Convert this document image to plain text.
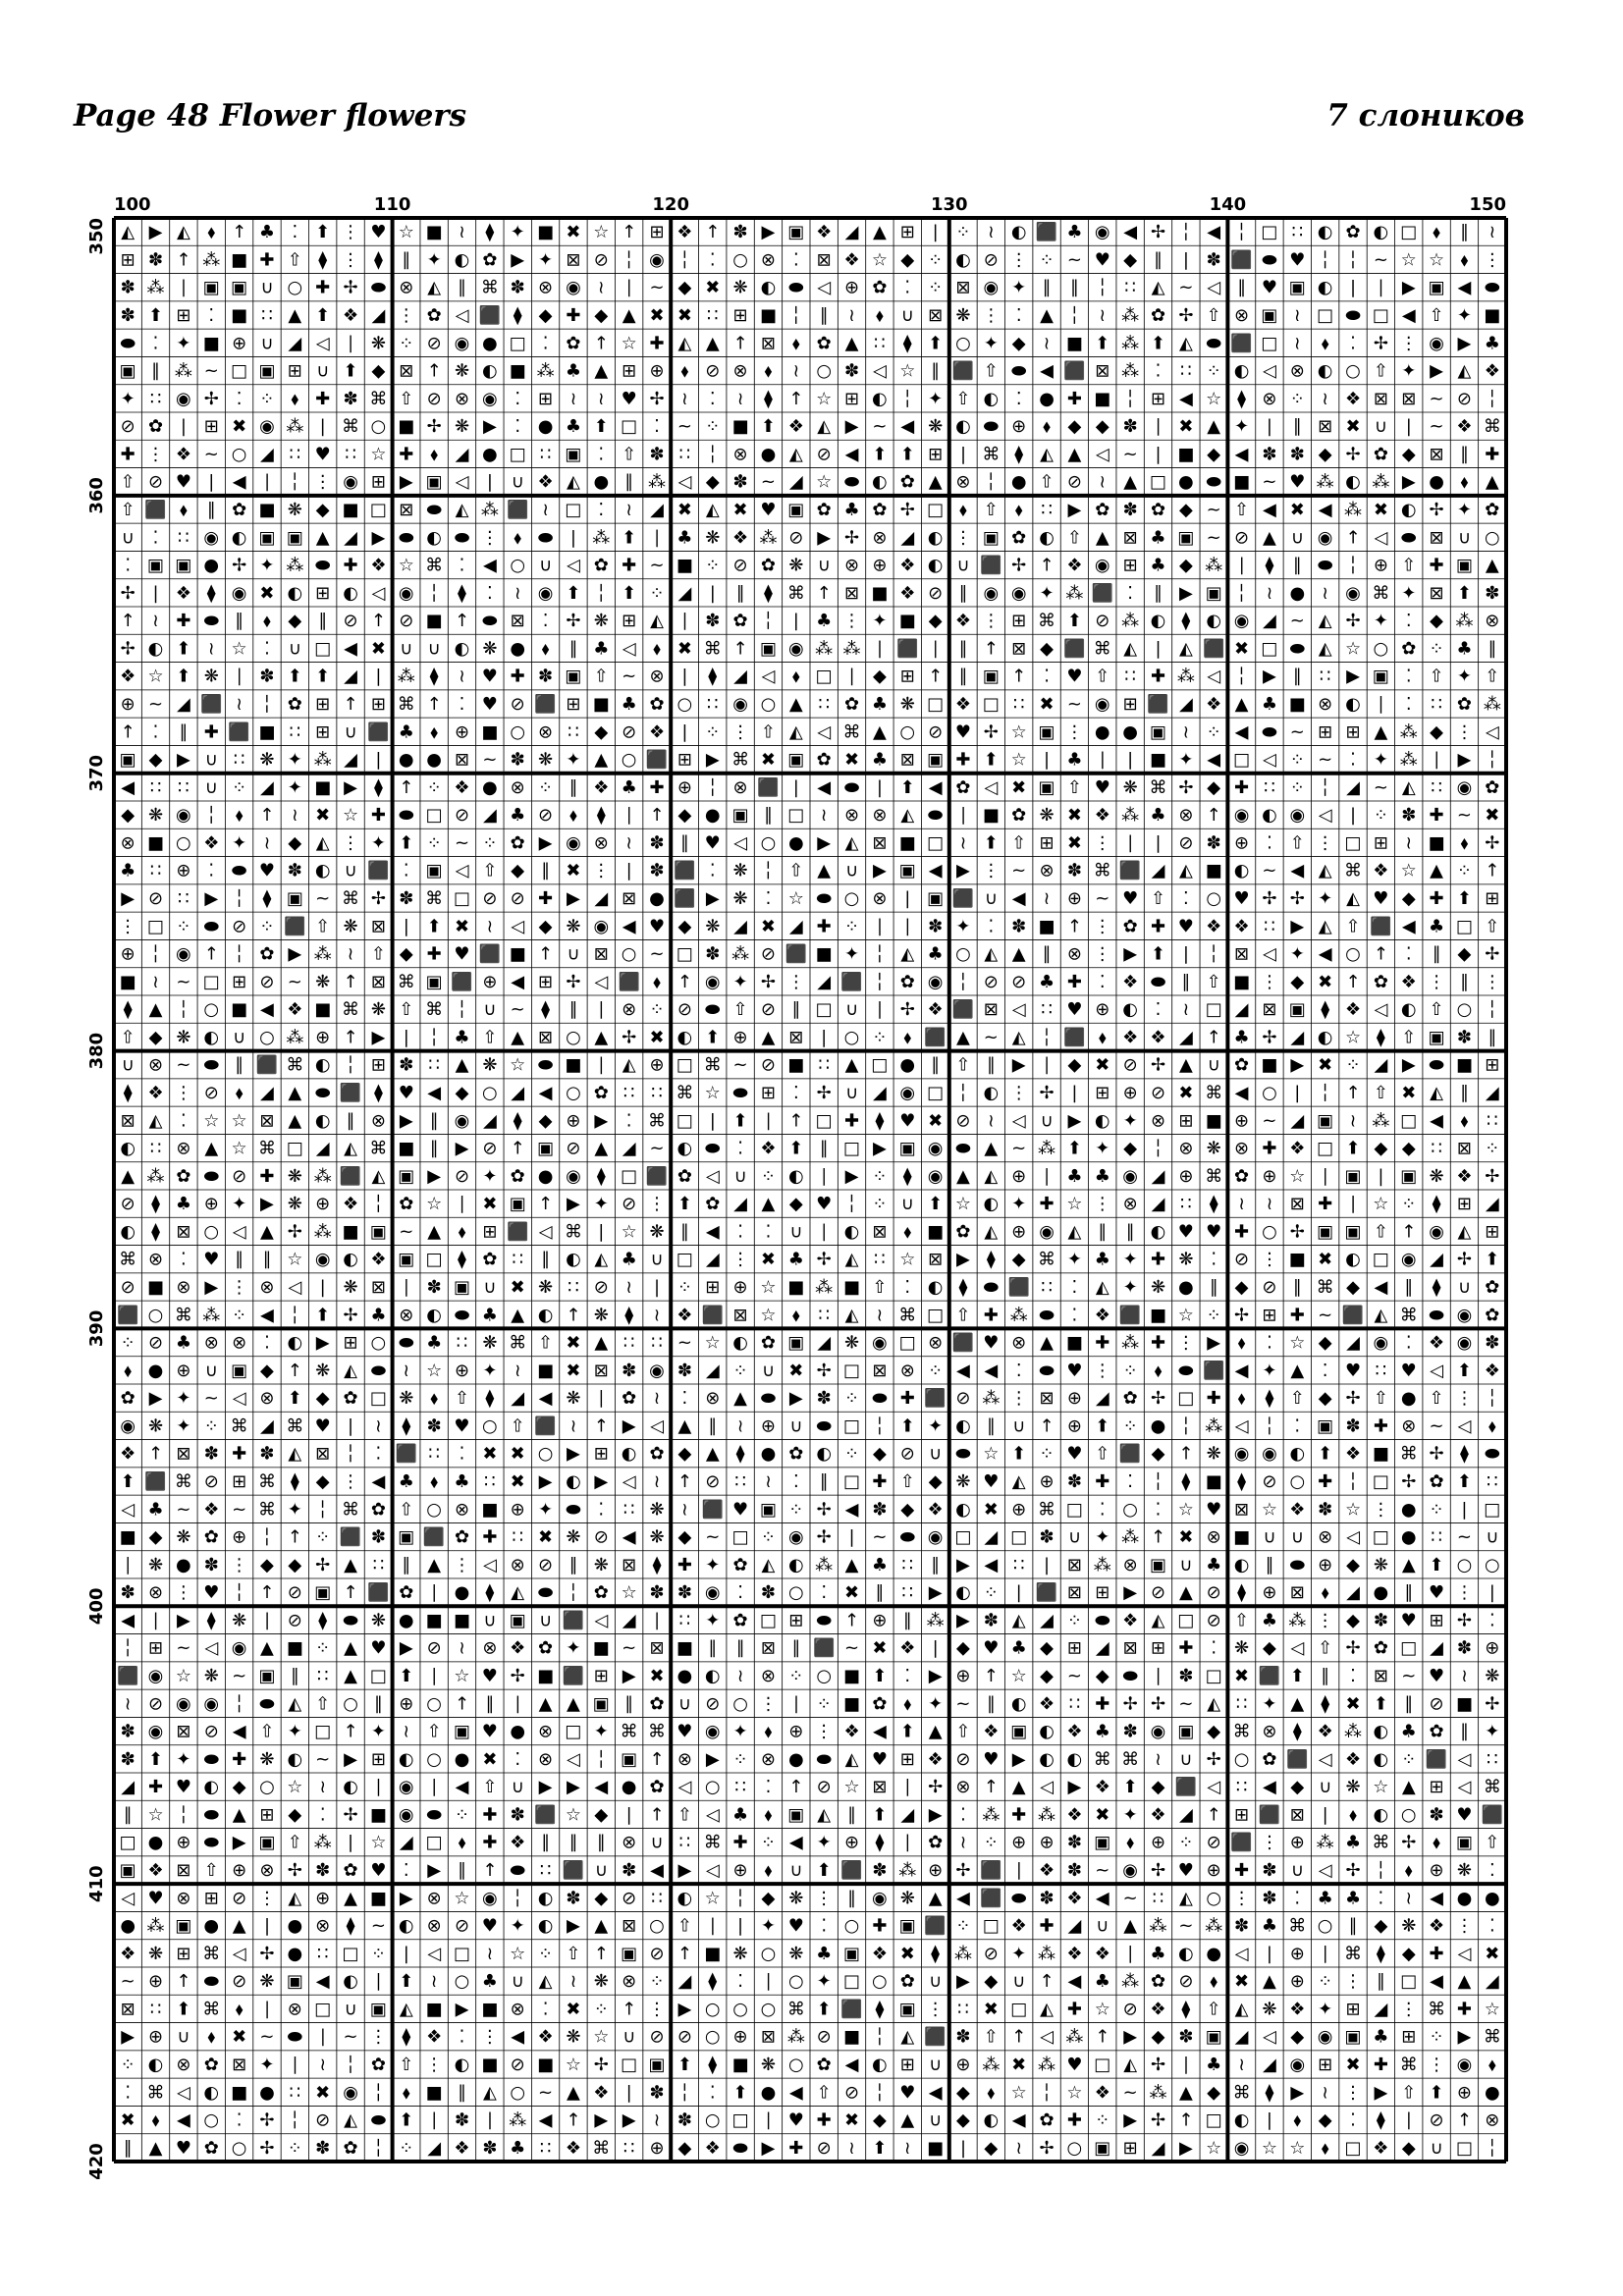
Page 48 Flower flowers	7 слоников
100	110	120	130	140	150
350
360
370
380
390
400
410
420
◭ ▶ ◭ ⬧ ↑ ♣ ⁚ ⬆ ⋮ ♥ ☆ ■ ≀ ⧫ ✦ ■ ✖ ☆ ↑ ⊞ ❖ ↑ ✽ ▶ ▣ ❖ ◢ ▲ ⊞ | ⁘ ≀ ◐ ⬛ ♣ ◉ ◀ ✢ ╎ ◀ ╎ □ ∷ ◐ ✿ ◐ □ ⬧ ∥ ≀
⊞ ✽ ↑ ⁂ ■ ✚ ⇧ ⧫ ⋮ ⧫ ∥ ✦ ◐ ✿ ▶ ✦ ⊠ ⊘ ╎ ◉ ╎ ⁚ ○ ⊗ ⁚ ⊠ ❖ ☆ ◆ ⁘ ◐ ⊘ ⋮ ⁘ ~ ♥ ◆ ∥ | ✽ ⬛ ⬬ ♥ ╎ ╎ ~ ☆ ☆ ⬧ ⋮
✽ ⁂ ∣ ▣ ▣ ∪ ○ ✚ ✢ ⬬ ⊗ ◭ ∥ ⌘ ✽ ⊗ ◉ ≀ ∣ ~ ◆ ✖ ❋ ◐ ⬬ ◁ ⊕ ✿ ⁚ ⁘ ⊠ ◉ ✦ ∥ ∥ ╎ ∷ ◭ ~ ◁ ∥ ♥ ▣ ◐ | ∣ ▶ ▣ ◀ ⬬
✽ ⬆ ⊞ ⁚ ■ ∷ ▲ ⬆ ❖ ◢ ⋮ ✿ ◁ ⬛ ⧫ ◆ ✚ ◆ ▲ ✖ ✖ ∷ ⊞ ■ ╎ ∥ ≀ ⬧ ∪ ⊠ ❋ ⋮ ⁚ ▲ ╎ ≀ ⁂ ✿ ✢ ⇧ ⊗ ▣ ≀ □ ⬬ □ ◀ ⇧ ✦ ■
⬬ ⁚ ✦ ■ ⊕ ∪ ◢ ◁ ∣ ❋ ⁘ ⊘ ◉ ● □ ⁚ ✿ ↑ ☆ ✚ ◭ ▲ ↑ ⊠ ⬧ ✿ ▲ ∷ ⧫ ⬆ ○ ✦ ◆ ≀ ■ ⬆ ⁂ ⬆ ◭ ⬬ ⬛ □ ≀ ⬧ ⁚ ✢ ⋮ ◉ ▶ ♣
▣ ∥ ⁂ ~ □ ▣ ⊞ ∪ ⬆ ◆ ⊠ ↑ ❋ ◐ ■ ⁂ ♣ ▲ ⊞ ⊕ ⬧ ⊘ ⊗ ⬧ ≀ ○ ✽ ◁ ☆ ∥ ⬛ ⇧ ⬬ ◀ ⬛ ⊠ ⁂ ⁚ ∷ ⁘ ◐ ◁ ⊗ ◐ ○ ⇧ ✦ ▶ ◭ ❖
✦ ∷ ◉ ✢ ⁚ ⁘ ⬧ ✚ ✽ ⌘ ⇧ ⊘ ⊗ ◉ ⁚ ⊞ ≀ ≀ ♥ ✢ ≀ ⁚ ≀ ⧫ ↑ ☆ ⊞ ◐ ╎ ✦ ⇧ ◐ ⁚ ● ✚ ■ ╎ ⊞ ◀ ☆ ⧫ ⊗ ⁘ ≀ ❖ ⊠ ⊠ ~ ⊘ ╎
⊘ ✿ | ⊞ ✖ ◉ ⁂ | ⌘ ○ ■ ✢ ❋ ▶ ⁚ ● ♣ ⬆ □ ⁚ ~ ⁘ ■ ⬆ ❖ ◭ ▶ ~ ◀ ❋ ◐ ⬬ ⊕ ⬧ ◆ ◆ ✽ ∣ ✖ ▲ ✦ | ∥ ⊠ ✖ ∪ | ~ ❖ ⌘
✚ ⋮ ❖ ~ ○ ◢ ∷ ♥ ∷ ☆ ✚ ⬧ ◢ ● □ ∷ ▣ ⁚ ⇧ ✽ ∷ ╎ ⊗ ● ◭ ⊘ ◀ ⬆ ⬆ ⊞ | ⌘ ⧫ ◭ ▲ ◁ ~ | ■ ◆ ◀ ✽ ✽ ◆ ✢ ✿ ◆ ⊠ ∥ ✚
⇧ ⊘ ♥ | ◀ ∣ ╎ ⋮ ◉ ⊞ ▶ ▣ ◁ | ∪ ❖ ◭ ● ∥ ⁂ ◁ ◆ ✽ ~ ◢ ☆ ⬬ ◐ ✿ ▲ ⊗ ╎ ● ⇧ ⊘ ≀ ▲ □ ● ⬬ ■ ~ ♥ ⁂ ◐ ⁂ ▶ ● ⬧ ▲
⇧ ⬛ ⬧ ∥ ✿ ■ ❋ ◆ ■ □ ⊠ ⬬ ◭ ⁂ ⬛ ≀ □ ⁚ ≀ ◢ ✖ ◭ ✖ ♥ ▣ ✿ ♣ ✿ ✢ □ ⬧ ⇧ ⬧ ∷ ▶ ✿ ✽ ✿ ◆ ~ ⇧ ◀ ✖ ◀ ⁂ ✖ ◐ ✢ ✦ ✿
∪ ⁚ ∷ ◉ ◐ ▣ ▣ ▲ ◢ ▶ ⬬ ◐ ⬬ ⋮ ⬧ ⬬ | ⁂ ⬆ ∣ ♣ ❋ ❖ ⁂ ⊘ ▶ ✢ ⊗ ◢ ◐ ⋮ ▣ ✿ ◐ ⇧ ▲ ⊠ ♣ ▣ ~ ⊘ ▲ ∪ ◉ ↑ ◁ ⬬ ⊠ ∪ ○
⁚ ▣ ▣ ● ✢ ✦ ⁂ ⬬ ✚ ❖ ☆ ⌘ ⁚ ◀ ○ ∪ ◁ ✿ ✚ ~ ■ ⁘ ⊘ ✿ ❋ ∪ ⊗ ⊕ ❖ ◐ ∪ ⬛ ✢ ↑ ❖ ◉ ⊞ ♣ ◆ ⁂ ∣ ⧫ ∥ ⬬ ╎ ⊕ ⇧ ✚ ▣ ▲
✢ | ❖ ⧫ ◉ ✖ ◐ ⊞ ◐ ◁ ◉ ╎ ⧫ ⁚ ≀ ◉ ⬆ ╎ ⬆ ⁘ ◢ | ∥ ⧫ ⌘ ↑ ⊠ ■ ❖ ⊘ ∥ ◉ ◉ ✦ ⁂ ⬛ ⁚ ∥ ▶ ▣ ╎ ≀ ● ≀ ◉ ⌘ ✦ ⊠ ⬆ ✽
↑ ≀ ✚ ⬬ ∥ ⬧ ◆ ∥ ⊘ ↑ ⊘ ■ ↑ ⬬ ⊠ ⁚ ✢ ❋ ⊞ ◭ ∣ ✽ ✿ ╎ | ♣ ⋮ ✦ ■ ◆ ❖ ⋮ ⊞ ⌘ ⬆ ⊘ ⁂ ◐ ⧫ ◐ ◉ ◢ ~ ◭ ✢ ✦ ⁚ ◆ ⁂ ⊗
✢ ◐ ⬆ ≀ ☆ ⁚ ∪ □ ◀ ✖ ∪ ∪ ◐ ❋ ● ⬧ ∥ ♣ ◁ ⬧ ✖ ⌘ ↑ ▣ ◉ ⁂ ⁂ ∣ ⬛ ∣ ∥ ↑ ⊠ ◆ ⬛ ⌘ ◭ | ◭ ⬛ ✖ □ ⬬ ◭ ☆ ○ ✿ ⁘ ♣ ∥
❖ ☆ ⬆ ❋ ∣ ✽ ⬆ ⬆ ◢ | ⁂ ⧫ ≀ ♥ ✚ ✽ ▣ ⇧ ~ ⊗ | ⧫ ◢ ◁ ⬧ □ ∣ ◆ ⊞ ↑ ∥ ▣ ↑ ⁚ ♥ ⇧ ∷ ✚ ⁂ ◁ ╎ ▶ ∥ ∷ ▶ ▣ ⁚ ⇧ ✦ ⇧
⊕ ~ ◢ ⬛ ≀ ╎ ✿ ⊞ ↑ ⊞ ⌘ ↑ ⁚ ♥ ⊘ ⬛ ⊞ ■ ♣ ✿ ○ ∷ ◉ ○ ▲ ∷ ✿ ♣ ❋ □ ❖ □ ∷ ✖ ~ ◉ ⊞ ⬛ ◢ ❖ ▲ ♣ ■ ⊗ ◐ ∣ ⁚ ∷ ✿ ⁂
↑ ⁚ ∥ ✚ ⬛ ■ ∷ ⊞ ∪ ⬛ ♣ ⬧ ⊕ ■ ○ ⊗ ∷ ◆ ⊘ ❖ | ⁘ ⋮ ⇧ ◭ ◁ ⌘ ▲ ○ ⊘ ♥ ✢ ☆ ▣ ⋮ ● ● ▣ ≀ ⁘ ◀ ⬬ ~ ⊞ ⊞ ▲ ⁂ ◆ ⋮ ◁
▣ ◆ ▶ ∪ ∷ ❋ ✦ ⁂ ◢ | ● ● ⊠ ~ ✽ ❋ ✦ ▲ ○ ⬛ ⊞ ▶ ⌘ ✖ ▣ ✿ ✖ ♣ ⊠ ▣ ✚ ⬆ ☆ | ♣ ∣ | ■ ✦ ◀ □ ◁ ⁘ ~ ⁚ ✦ ⁂ ∣ ▶ ╎
◀ ∷ ∷ ∪ ⁘ ◢ ✦ ■ ▶ ⧫ ↑ ⁘ ❖ ● ⊗ ⁘ ∥ ❖ ♣ ✚ ⊕ ╎ ⊗ ⬛ | ◀ ⬬ | ⬆ ◀ ✿ ◁ ✖ ▣ ⇧ ♥ ❋ ⌘ ✢ ◆ ✚ ∷ ⁘ ╎ ◢ ~ ◭ ∷ ◉ ✿
◆ ❋ ◉ ╎ ⬧ ↑ ≀ ✖ ☆ ✚ ⬬ □ ⊘ ◢ ♣ ⊘ ⬧ ⧫ ∣ ↑ ◆ ● ▣ ∥ □ ≀ ⊗ ⊗ ◭ ⬬ ∣ ■ ✿ ❋ ✖ ❖ ⁂ ♣ ⊗ ↑ ◉ ◐ ◉ ◁ | ⁘ ✽ ✚ ~ ✖
⊗ ■ ○ ❖ ✦ ≀ ◆ ◭ ⋮ ✦ ⬆ ⁘ ~ ⁘ ✿ ▶ ◉ ⊗ ≀ ✽ ∥ ♥ ◁ ○ ● ▶ ◭ ⊠ ■ □ ≀ ⬆ ⇧ ⊞ ✖ ⋮ ∣ | ⊘ ✽ ⊕ ⁚ ⇧ ⋮ □ ⊞ ≀ ■ ⬧ ✢
♣ ∷ ⊕ ⁚ ⬬ ♥ ✽ ◐ ∪ ⬛ ⁚ ▣ ◁ ⇧ ◆ ∥ ✖ ⋮ | ✽ ⬛ ⁚ ❋ ╎ ⇧ ▲ ∪ ▶ ▣ ◀ ▶ ⋮ ~ ⊗ ✽ ⌘ ⬛ ◢ ◭ ■ ◐ ~ ◀ ◭ ⌘ ❖ ☆ ▲ ⁘ ↑
▶ ⊘ ∷ ▶ ╎ ⧫ ▣ ~ ⌘ ✢ ✽ ⌘ □ ⊘ ⊘ ✚ ▶ ◢ ⊠ ● ⬛ ▶ ❋ ⁚ ☆ ⬬ ○ ⊗ | ▣ ⬛ ∪ ◀ ≀ ⊕ ~ ♥ ⇧ ⁚ ○ ♥ ✢ ✢ ✦ ◭ ♥ ◆ ✚ ⬆ ⊞
⋮ □ ⁘ ⬬ ⊘ ⁘ ⬛ ⇧ ❋ ⊠ | ⬆ ✖ ≀ ◁ ◆ ❋ ◉ ◀ ♥ ◆ ❋ ◢ ✖ ◢ ✚ ⁘ ∣ ∣ ✽ ✦ ⁚ ✽ ■ ↑ ⋮ ✿ ✚ ♥ ❖ ❖ ∷ ▶ ◭ ⇧ ⬛ ◀ ♣ □ ⇧
⊕ ╎ ◉ ↑ ╎ ✿ ▶ ⁂ ≀ ⇧ ◆ ✚ ♥ ⬛ ■ ↑ ∪ ⊠ ○ ~ □ ✽ ⁂ ⊘ ⬛ ■ ✦ ╎ ◭ ♣ ○ ◭ ▲ ∥ ⊗ ⋮ ▶ ⬆ | ╎ ⊠ ◁ ✦ ◀ ○ ↑ ⁚ ∥ ◆ ✢
■ ≀ ~ □ ⊞ ⊘ ~ ❋ ↑ ⊠ ⌘ ▣ ⬛ ⊕ ◀ ⊞ ✢ ◁ ⬛ ⬧ ↑ ◉ ✦ ✢ ⋮ ◢ ⬛ ╎ ✿ ◉ ╎ ⊘ ⊘ ♣ ✚ ⁚ ❖ ⬬ ∥ ⇧ ■ ⋮ ◆ ✖ ↑ ✿ ❖ ⋮ ∥ ⋮
⧫ ▲ ╎ ○ ■ ◀ ❖ ■ ⌘ ❋ ⇧ ⌘ ╎ ∪ ~ ⧫ ∥ ∣ ⊗ ⁘ ⊘ ⬬ ⇧ ⊘ ∥ □ ∪ ∣ ✢ ❖ ⬛ ⊠ ◁ ∷ ♥ ⊕ ◐ ⁚ ≀ □ ◢ ⊠ ▣ ⧫ ❖ ◁ ◐ ⇧ ○ ╎
⇧ ◆ ❋ ◐ ∪ ○ ⁂ ⊕ ↑ ▶ | ╎ ♣ ⇧ ▲ ⊠ ○ ▲ ✢ ✖ ◐ ⬆ ⊕ ▲ ⊠ | ○ ⁘ ⬧ ⬛ ▲ ~ ◭ ╎ ⬛ ⬧ ❖ ❖ ◢ ↑ ♣ ✢ ◢ ◐ ☆ ⧫ ⇧ ▣ ✽ ∥
∪ ⊗ ~ ⬬ ∥ ⬛ ⌘ ◐ ╎ ⊞ ✽ ∷ ▲ ❋ ☆ ⬬ ■ ∣ ◭ ⊕ □ ⌘ ~ ⊘ ■ ∷ ▲ □ ● ∥ ⇧ ∥ ▶ ∣ ◆ ✖ ⊘ ✢ ▲ ∪ ✿ ■ ▶ ✖ ⁘ ◢ ▶ ⬬ ■ ⊞
⧫ ❖ ⋮ ⊘ ⬧ ◢ ▲ ⬬ ⬛ ⧫ ♥ ◀ ◆ ○ ◢ ◀ ○ ✿ ∷ ∷ ⌘ ☆ ⬬ ⊞ ⁚ ✢ ∪ ◢ ◉ □ ╎ ◐ ⋮ ✢ | ⊞ ⊕ ⊘ ✖ ⌘ ◀ ○ | ╎ ↑ ⇧ ✖ ◭ ∥ ◢
⊠ ◭ ⁚ ☆ ☆ ⊠ ▲ ◐ ∥ ⊗ ▶ ∥ ◉ ◢ ⧫ ◆ ⊕ ▶ ⁚ ⌘ □ | ⬆ ∣ ↑ □ ✚ ⧫ ♥ ✖ ⊘ ≀ ◁ ∪ ▶ ◐ ✦ ⊗ ⊞ ■ ⊕ ~ ◢ ▣ ≀ ⁂ □ ◀ ⬧ ∷
◐ ∷ ⊗ ▲ ☆ ⌘ □ ◢ ◭ ⌘ ■ ∥ ▶ ⊘ ↑ ▣ ⊘ ▲ ◢ ~ ◐ ⬬ ⁚ ❖ ⬆ ∥ □ ▶ ▣ ◉ ⬬ ▲ ~ ⁂ ⬆ ✦ ◆ ╎ ⊗ ❋ ⊗ ✚ ❖ □ ⬆ ◆ ◆ ∷ ⊠ ⁘
▲ ⁂ ✿ ⬬ ⊘ ✚ ❋ ⁂ ⬛ ◭ ▣ ▶ ⊘ ✦ ✿ ● ◉ ⧫ □ ⬛ ✿ ◁ ∪ ⁘ ◐ ∣ ▶ ⁘ ⧫ ◉ ▲ ◭ ⊕ ∣ ♣ ♣ ◉ ◢ ⊕ ⌘ ✿ ⊕ ☆ ∣ ▣ | ▣ ❋ ❖ ✢
⊘ ⧫ ♣ ⊕ ✦ ▶ ❋ ⊕ ❖ ╎ ✿ ☆ ∣ ✖ ▣ ↑ ▶ ✦ ⊘ ⋮ ⬆ ✿ ◢ ▲ ◆ ♥ ╎ ⁘ ∪ ⬆ ☆ ◐ ✦ ✚ ☆ ⋮ ⊗ ◢ ∷ ⧫ ≀ ≀ ⊠ ✚ ∣ ☆ ⁘ ⧫ ⊞ ◢
◐ ⧫ ⊠ ○ ◁ ▲ ✢ ⁂ ■ ▣ ~ ▲ ⬧ ⊞ ⬛ ◁ ⌘ | ☆ ❋ ∥ ◀ ⁚ ⁚ ∪ ∣ ◐ ⊠ ⬧ ■ ✿ ◭ ⊕ ◉ ◭ ∥ ∥ ◐ ♥ ♥ ✚ ○ ✢ ▣ ▣ ⇧ ↑ ◉ ◭ ⊞
⌘ ⊗ ⁚ ♥ ∥ ∥ ☆ ◉ ◐ ❖ ▣ □ ⧫ ✿ ∷ ∥ ◐ ◭ ♣ ∪ □ ◢ ⋮ ✖ ♣ ✢ ◭ ∷ ☆ ⊠ ▶ ⧫ ◆ ⌘ ✦ ♣ ✦ ✚ ❋ ⁚ ⊘ ⋮ ■ ✖ ◐ □ ◉ ◢ ✢ ⬆
⊘ ■ ⊗ ▶ ⋮ ⊗ ◁ | ❋ ⊠ ∣ ✽ ▣ ∪ ✖ ❋ ∷ ⊘ ≀ | ⁘ ⊞ ⊕ ☆ ■ ⁂ ■ ⇧ ⁚ ◐ ⧫ ⬬ ⬛ ∷ ⁚ ◭ ✦ ❋ ● ∥ ◆ ⊘ ∥ ⌘ ◆ ◀ ∥ ⧫ ∪ ✿
⬛ ○ ⌘ ⁂ ⁘ ◀ ╎ ⬆ ✢ ♣ ⊗ ◐ ⬬ ♣ ▲ ◐ ↑ ❋ ⧫ ≀ ❖ ⬛ ⊠ ☆ ⬧ ∷ ◭ ≀ ⌘ □ ⇧ ✚ ⁂ ⬬ ⁚ ❖ ⬛ ■ ☆ ⁘ ✢ ⊞ ✚ ~ ⬛ ◭ ⌘ ⬬ ◉ ✿
⁘ ⊘ ♣ ⊗ ⊗ ⁚ ◐ ▶ ⊞ ○ ⬬ ♣ ∷ ❋ ⌘ ⇧ ✖ ▲ ∷ ∷ ~ ☆ ◐ ✿ ▣ ◢ ❋ ◉ □ ⊗ ⬛ ♥ ⊗ ▲ ■ ✚ ⁂ ✚ ⋮ ▶ ⬧ ⁚ ☆ ◆ ◢ ◉ ⁚ ❖ ◉ ✽
⬧ ● ⊕ ∪ ▣ ◆ ↑ ❋ ◭ ⬬ ≀ ☆ ⊕ ✦ ≀ ■ ✖ ⊠ ✽ ◉ ✽ ◢ ⁘ ∪ ✖ ✢ □ ⊠ ⊗ ⁘ ◀ ◀ ⁚ ⬬ ♥ ⋮ ⁘ ⬧ ⬬ ⬛ ◀ ✦ ▲ ⁚ ♥ ∷ ♥ ◁ ⬆ ❖
✿ ▶ ✦ ~ ◁ ⊗ ⬆ ◆ ✿ □ ❋ ⬧ ⇧ ⧫ ◢ ◀ ❋ ∣ ✿ ≀ ⁚ ⊗ ▲ ⬬ ▶ ✽ ⁘ ⬬ ✚ ⬛ ⊘ ⁂ ⋮ ⊠ ⊕ ◢ ✿ ✢ □ ✚ ⬧ ⧫ ⇧ ◆ ✢ ⇧ ● ⇧ ⋮ ╎
◉ ❋ ✦ ⁘ ⌘ ◢ ⌘ ♥ | ≀ ⧫ ✽ ♥ ○ ⇧ ⬛ ≀ ↑ ▶ ◁ ▲ ∥ ≀ ⊕ ∪ ⬬ □ ╎ ⬆ ✦ ◐ ∥ ∪ ↑ ⊕ ⬆ ⁘ ● ╎ ⁂ ◁ ╎ ⁚ ▣ ✽ ✚ ⊗ ~ ◁ ⬧
❖ ↑ ⊠ ✽ ✚ ✽ ◭ ⊠ ╎ ⁚ ⬛ ∷ ⁚ ✖ ✖ ○ ▶ ⊞ ◐ ✿ ◆ ▲ ⧫ ● ✿ ◐ ⁘ ◆ ⊘ ∪ ⬬ ☆ ⬆ ⁘ ♥ ⇧ ⬛ ◆ ↑ ❋ ◉ ◉ ◐ ⬆ ❖ ■ ⌘ ✢ ⧫ ⬬
⬆ ⬛ ⌘ ⊘ ⊞ ⌘ ⧫ ◆ ⋮ ◀ ♣ ⬧ ♣ ∷ ✖ ▶ ◐ ▶ ◁ ≀ ↑ ⊘ ∷ ≀ ⁚ ∥ □ ✚ ⇧ ◆ ❋ ♥ ◭ ⊕ ✽ ✚ ⁚ ╎ ⧫ ■ ⧫ ⊘ ○ ✚ ╎ □ ✢ ✿ ⬆ ∷
◁ ♣ ~ ❖ ~ ⌘ ✦ ╎ ⌘ ✿ ⇧ ○ ⊗ ■ ⊕ ✦ ⬬ ⁚ ∷ ❋ ≀ ⬛ ♥ ▣ ⁘ ✢ ◀ ✽ ◆ ❖ ◐ ✖ ⊕ ⌘ □ ⁚ ○ ⁚ ☆ ♥ ⊠ ☆ ❖ ✽ ☆ ⋮ ● ⁘ | □
■ ◆ ❋ ✿ ⊕ ╎ ↑ ⁘ ⬛ ✽ ▣ ⬛ ✿ ✚ ∷ ✖ ❋ ⊘ ◀ ❋ ◆ ~ □ ⁘ ◉ ✢ | ~ ⬬ ◉ □ ◢ □ ✽ ∪ ✦ ⁂ ↑ ✖ ⊗ ■ ∪ ∪ ⊗ ◁ □ ● ∷ ~ ∪
∣ ❋ ● ✽ ⋮ ◆ ◆ ✢ ▲ ∷ ∥ ▲ ⋮ ◁ ⊗ ⊘ ∥ ❋ ⊠ ⧫ ✚ ✦ ✿ ◭ ◐ ⁂ ▲ ♣ ∷ ∥ ▶ ◀ ∷ | ⊠ ⁂ ⊗ ▣ ∪ ♣ ◐ ∥ ⬬ ⊕ ◆ ❋ ▲ ⬆ ○ ○
✽ ⊗ ⋮ ♥ ╎ ↑ ⊘ ▣ ↑ ⬛ ✿ ∣ ● ⧫ ◭ ⬬ ╎ ✿ ☆ ✽ ✽ ◉ ⁚ ✽ ○ ⁚ ✖ ∥ ∷ ▶ ◐ ⁘ | ⬛ ⊠ ⊞ ▶ ⊘ ▲ ⊘ ⧫ ⊕ ⊠ ⬧ ◢ ● ∥ ♥ ⋮ |
◀ ∣ ▶ ⧫ ❋ ∣ ⊘ ⧫ ⬬ ❋ ● ■ ■ ∪ ▣ ∪ ⬛ ◁ ◢ ∣ ∷ ✦ ✿ □ ⊞ ⬬ ↑ ⊕ ∥ ⁂ ▶ ✽ ◭ ◢ ⁘ ⬬ ❖ ◭ □ ⊘ ⇧ ♣ ⁂ ⋮ ◆ ✽ ♥ ⊞ ✢ ⁚
╎ ⊞ ~ ◁ ◉ ▲ ■ ⁘ ▲ ♥ ▶ ⊘ ≀ ⊗ ❖ ✿ ✦ ■ ~ ⊠ ■ ∥ ∥ ⊠ ∥ ⬛ ~ ✖ ❖ | ◆ ♥ ♣ ◆ ⊞ ◢ ⊠ ⊞ ✚ ⁚ ❋ ◆ ◁ ⇧ ✢ ✿ □ ◢ ✽ ⊕
⬛ ◉ ☆ ❋ ~ ▣ ∥ ∷ ▲ □ ⬆ ∣ ☆ ♥ ✢ ■ ⬛ ⊞ ▶ ✖ ● ◐ ≀ ⊗ ⁘ ○ ■ ⬆ ⁚ ▶ ⊕ ↑ ☆ ◆ ~ ◆ ⬬ ∣ ✽ □ ✖ ⬛ ⬆ ∥ ⁚ ⊠ ~ ♥ ≀ ❋
≀ ⊘ ◉ ◉ ╎ ⬬ ◭ ⇧ ○ ∥ ⊕ ○ ↑ ∥ ∣ ▲ ▲ ▣ ∥ ✿ ∪ ⊘ ○ ⋮ ∣ ⁘ ■ ✿ ⬧ ✦ ~ ∥ ◐ ❖ ∷ ✚ ✢ ✢ ~ ◭ ∷ ✦ ▲ ⧫ ✖ ⬆ ∥ ⊘ ■ ✢
✽ ◉ ⊠ ⊘ ◀ ⇧ ✦ □ ↑ ✦ ≀ ⇧ ▣ ♥ ● ⊗ □ ✦ ⌘ ⌘ ♥ ◉ ✦ ⬧ ⊕ ⋮ ❖ ◀ ⬆ ▲ ⇧ ❖ ▣ ◐ ❖ ♣ ✽ ◉ ▣ ◆ ⌘ ⊗ ⧫ ❖ ⁂ ◐ ♣ ✿ ∥ ✦
✽ ⬆ ✦ ⬬ ✚ ❋ ◐ ~ ▶ ⊞ ◐ ○ ● ✖ ⁚ ⊗ ◁ ╎ ▣ ↑ ⊗ ▶ ⁘ ⊗ ● ⬬ ◭ ♥ ⊞ ❖ ⊘ ♥ ▶ ◐ ◐ ⌘ ⌘ ≀ ∪ ✢ ○ ✿ ⬛ ◁ ❖ ◐ ⁘ ⬛ ◁ ∷
◢ ✚ ♥ ◐ ◆ ○ ☆ ≀ ◐ ∣ ◉ ∣ ◀ ⇧ ∪ ▶ ▶ ◀ ● ✿ ◁ ○ ∷ ⁚ ↑ ⊘ ☆ ⊠ ∣ ✢ ⊗ ↑ ▲ ◁ ▶ ❖ ⬆ ◆ ⬛ ◁ ∷ ◀ ◆ ∪ ❋ ☆ ▲ ⊞ ◁ ⌘
∥ ☆ ╎ ⬬ ▲ ⊞ ◆ ⁚ ✢ ■ ◉ ⬬ ⁘ ✚ ✽ ⬛ ☆ ◆ | ↑ ⇧ ◁ ♣ ⬧ ▣ ◭ ∥ ⬆ ◢ ▶ ⁚ ⁂ ✚ ⁂ ❖ ✖ ✦ ❖ ◢ ↑ ⊞ ⬛ ⊠ | ⬧ ◐ ○ ✽ ♥ ⬛
□ ● ⊕ ⬬ ▶ ▣ ⇧ ⁂ | ☆ ◢ □ ⬧ ✚ ❖ ∥ ∥ ∥ ⊗ ∪ ∷ ⌘ ✚ ⁘ ◀ ✦ ⊕ ⧫ ∣ ✿ ≀ ⁘ ⊕ ⊕ ✽ ▣ ⬧ ⊕ ⁘ ⊘ ⬛ ⋮ ⊕ ⁂ ♣ ⌘ ✢ ⬧ ▣ ⇧
▣ ❖ ⊠ ⇧ ⊕ ⊗ ✢ ✽ ✿ ♥ ⁚ ▶ ∥ ↑ ⬬ ∷ ⬛ ∪ ✽ ◀ ▶ ◁ ⊕ ⬧ ∪ ⬆ ⬛ ✽ ⁂ ⊕ ✢ ⬛ ∣ ❖ ✽ ~ ◉ ✢ ♥ ⊕ ✚ ✽ ∪ ◁ ✢ ╎ ⬧ ⊕ ❋ ⁚
◁ ♥ ⊗ ⊞ ⊘ ⋮ ◭ ⊕ ▲ ■ ▶ ⊗ ☆ ◉ ╎ ◐ ✽ ◆ ⊘ ∷ ◐ ☆ ╎ ◆ ❋ ⋮ ∥ ◉ ❋ ▲ ◀ ⬛ ⬬ ✽ ❖ ◀ ~ ∷ ◭ ○ ⋮ ✽ ⁚ ♣ ♣ ⁚ ≀ ◀ ● ●
● ⁂ ▣ ● ▲ | ● ⊗ ⧫ ~ ◐ ⊗ ⊘ ♥ ✦ ◐ ▶ ▲ ⊠ ○ ⇧ ∣ | ✦ ♥ ⁚ ○ ✚ ▣ ⬛ ⁘ □ ❖ ✚ ◢ ∪ ▲ ⁂ ~ ⁂ ✽ ♣ ⌘ ○ ∥ ◆ ❋ ❖ ⋮ ⁚
❖ ❋ ⊞ ⌘ ◁ ✢ ● ∷ □ ⁘ | ◁ □ ≀ ☆ ⁘ ⇧ ↑ ▣ ⊘ ↑ ■ ❋ ○ ❋ ♣ ▣ ❖ ✖ ⧫ ⁂ ⊘ ✦ ⁂ ❖ ❖ ∣ ♣ ◐ ● ◁ | ⊕ ∣ ⌘ ⧫ ◆ ✚ ◁ ✖
~ ⊕ ↑ ⬬ ⊘ ❋ ▣ ◀ ◐ ∣ ⬆ ≀ ○ ♣ ∪ ◭ ≀ ❋ ⊗ ⁘ ◢ ⧫ ⁚ ∣ ○ ✦ □ ○ ✿ ∪ ▶ ◆ ∪ ↑ ◀ ♣ ⁂ ✿ ⊘ ⬧ ✖ ▲ ⊕ ⁘ ⋮ ∥ □ ◀ ▲ ◢
⊠ ∷ ⬆ ⌘ ⬧ ∣ ⊗ □ ∪ ▣ ◭ ■ ▶ ■ ⊗ ⁚ ✖ ⁘ ↑ ⋮ ▶ ○ ○ ○ ⌘ ⬆ ⬛ ⧫ ▣ ⋮ ∷ ✖ □ ◭ ✚ ☆ ⊘ ❖ ⧫ ⇧ ◭ ❋ ❖ ✦ ⊞ ◢ ⋮ ⌘ ✚ ☆
▶ ⊕ ∪ ⬧ ✖ ~ ⬬ ∣ ~ ⋮ ⧫ ❖ ⁚ ⋮ ◀ ❖ ❋ ☆ ∪ ⊘ ⊘ ○ ⊕ ⊠ ⁂ ⊘ ■ ╎ ◭ ⬛ ✽ ⇧ ↑ ◁ ⁂ ↑ ▶ ◆ ✽ ▣ ◢ ◁ ◆ ◉ ▣ ♣ ⊞ ⁘ ▶ ⌘
⁘ ◐ ⊗ ✿ ⊠ ✦ ∣ ≀ ╎ ✿ ⇧ ⋮ ◐ ■ ⊘ ■ ☆ ✢ □ ▣ ⬆ ⧫ ■ ❋ ○ ✿ ◀ ◐ ⊞ ∪ ⊕ ⁂ ✖ ⁂ ♥ □ ◭ ✢ ∣ ♣ ≀ ◢ ◉ ⊞ ✖ ✚ ⌘ ⋮ ◉ ⬧
⁚ ⌘ ◁ ◐ ■ ● ∷ ✖ ◉ ╎ ⬧ ■ ∥ ◭ ○ ~ ▲ ❖ | ✽ ╎ ⁚ ⬆ ● ◀ ⇧ ⊘ ╎ ♥ ◀ ◆ ⬧ ☆ ╎ ☆ ❖ ~ ⁂ ▲ ◆ ⌘ ⧫ ▶ ≀ ⋮ ▶ ⇧ ⬆ ⊕ ●
✖ ⬧ ◀ ○ ⁚ ✢ ╎ ⊘ ◭ ⬬ ⬆ ∣ ✽ ∣ ⁂ ◀ ↑ ▶ ▶ ≀ ✽ ○ □ ∣ ♥ ✚ ✖ ◆ ▲ ∪ ◆ ◐ ◀ ✿ ✚ ⁘ ▶ ✢ ↑ □ ◐ | ⬧ ◆ ⁚ ⧫ ∣ ⊘ ↑ ⊗
∥ ▲ ♥ ✿ ○ ✢ ⁘ ✽ ✿ ╎ ⁘ ◢ ❖ ✽ ♣ ∷ ❖ ⌘ ∷ ⊕ ◆ ❖ ⬬ ▶ ✚ ⊘ ≀ ⬆ ≀ ■ | ◆ ≀ ✢ ○ ▣ ⊞ ◢ ▶ ☆ ◉ ☆ ☆ ⬧ □ ❖ ◆ ∪ □ ╎
